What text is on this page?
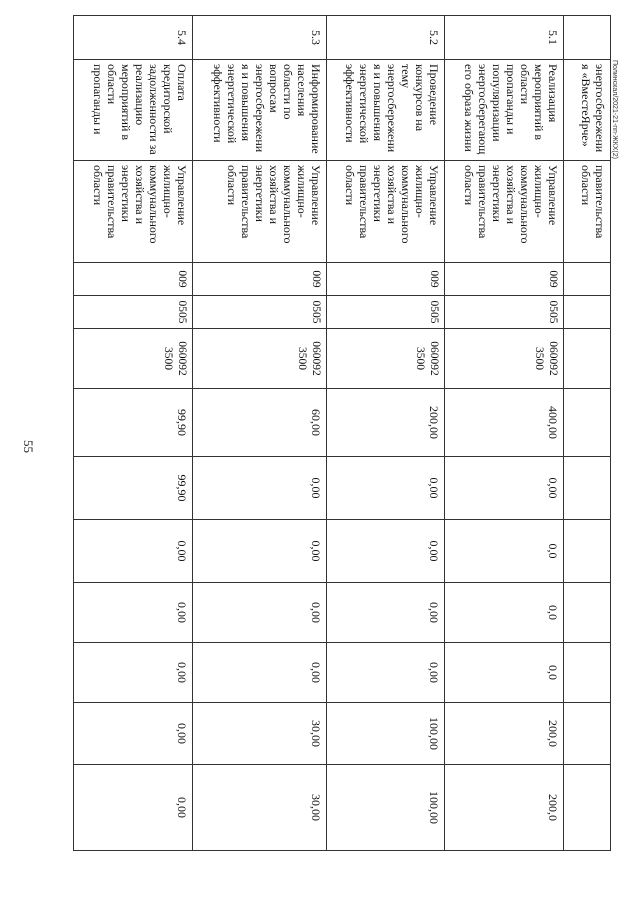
55
Полинскал/2021-21-пп-ЖКХ(2)
	энергосбережени я «ВместеЯрче»	правительства области										
5.1	Реализация мероприятий в области пропаганды и популяризации энергосберегающ его образа жизни	Управление жилищно-коммунального хозяйства и энергетики правительства области	009	0505	060092 3500	400,00	0,00	0,0	0,0	0,0	200,0	200,0
5.2	Проведение конкурсов на тему энергосбережени я и повышения энергетической эффективности	Управление жилищно-коммунального хозяйства и энергетики правительства области	009	0505	060092 3500	200,00	0,00	0,00	0,00	0,00	100,00	100,00
5.3	Информирование населения области по вопросам энергосбережени я и повышения энергетической эффективности	Управление жилищно-коммунального хозяйства и энергетики правительства области	009	0505	060092 3500	60,00	0,00	0,00	0,00	0,00	30,00	30,00
5.4	Оплата кредиторской задолженности за реализацию мероприятий в области пропаганды и	Управление жилищно-коммунального хозяйства и энергетики правительства области	009	0505	060092 3500	99,90	99,90	0,00	0,00	0,00	0,00	0,00
